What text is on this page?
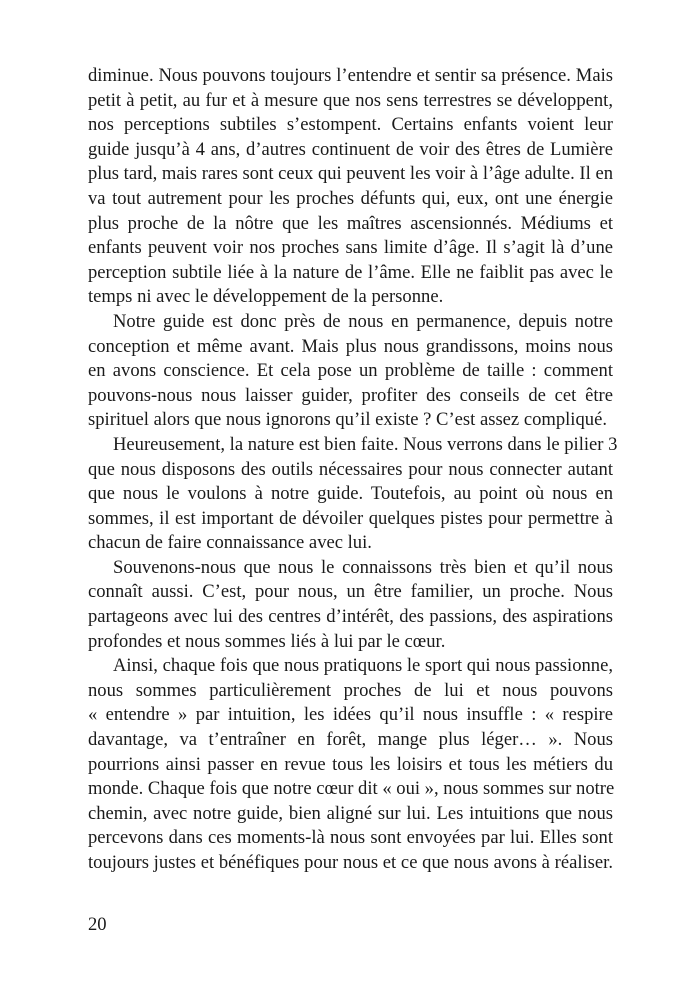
diminue. Nous pouvons toujours l’entendre et sentir sa présence. Mais
petit à petit, au fur et à mesure que nos sens terrestres se développent,
nos perceptions subtiles s’estompent. Certains enfants voient leur
guide jusqu’à 4 ans, d’autres continuent de voir des êtres de Lumière
plus tard, mais rares sont ceux qui peuvent les voir à l’âge adulte. Il en
va tout autrement pour les proches défunts qui, eux, ont une énergie
plus proche de la nôtre que les maîtres ascensionnés. Médiums et
enfants peuvent voir nos proches sans limite d’âge. Il s’agit là d’une
perception subtile liée à la nature de l’âme. Elle ne faiblit pas avec le
temps ni avec le développement de la personne.
Notre guide est donc près de nous en permanence, depuis notre
conception et même avant. Mais plus nous grandissons, moins nous
en avons conscience. Et cela pose un problème de taille : comment
pouvons-nous nous laisser guider, profiter des conseils de cet être
spirituel alors que nous ignorons qu’il existe ? C’est assez compliqué.
Heureusement, la nature est bien faite. Nous verrons dans le pilier 3
que nous disposons des outils nécessaires pour nous connecter autant
que nous le voulons à notre guide. Toutefois, au point où nous en
sommes, il est important de dévoiler quelques pistes pour permettre à
chacun de faire connaissance avec lui.
Souvenons-nous que nous le connaissons très bien et qu’il nous
connaît aussi. C’est, pour nous, un être familier, un proche. Nous
partageons avec lui des centres d’intérêt, des passions, des aspirations
profondes et nous sommes liés à lui par le cœur.
Ainsi, chaque fois que nous pratiquons le sport qui nous passionne,
nous sommes particulièrement proches de lui et nous pouvons
« entendre » par intuition, les idées qu’il nous insuffle : « respire
davantage, va t’entraîner en forêt, mange plus léger… ». Nous
pourrions ainsi passer en revue tous les loisirs et tous les métiers du
monde. Chaque fois que notre cœur dit « oui », nous sommes sur notre
chemin, avec notre guide, bien aligné sur lui. Les intuitions que nous
percevons dans ces moments-là nous sont envoyées par lui. Elles sont
toujours justes et bénéfiques pour nous et ce que nous avons à réaliser.
20
